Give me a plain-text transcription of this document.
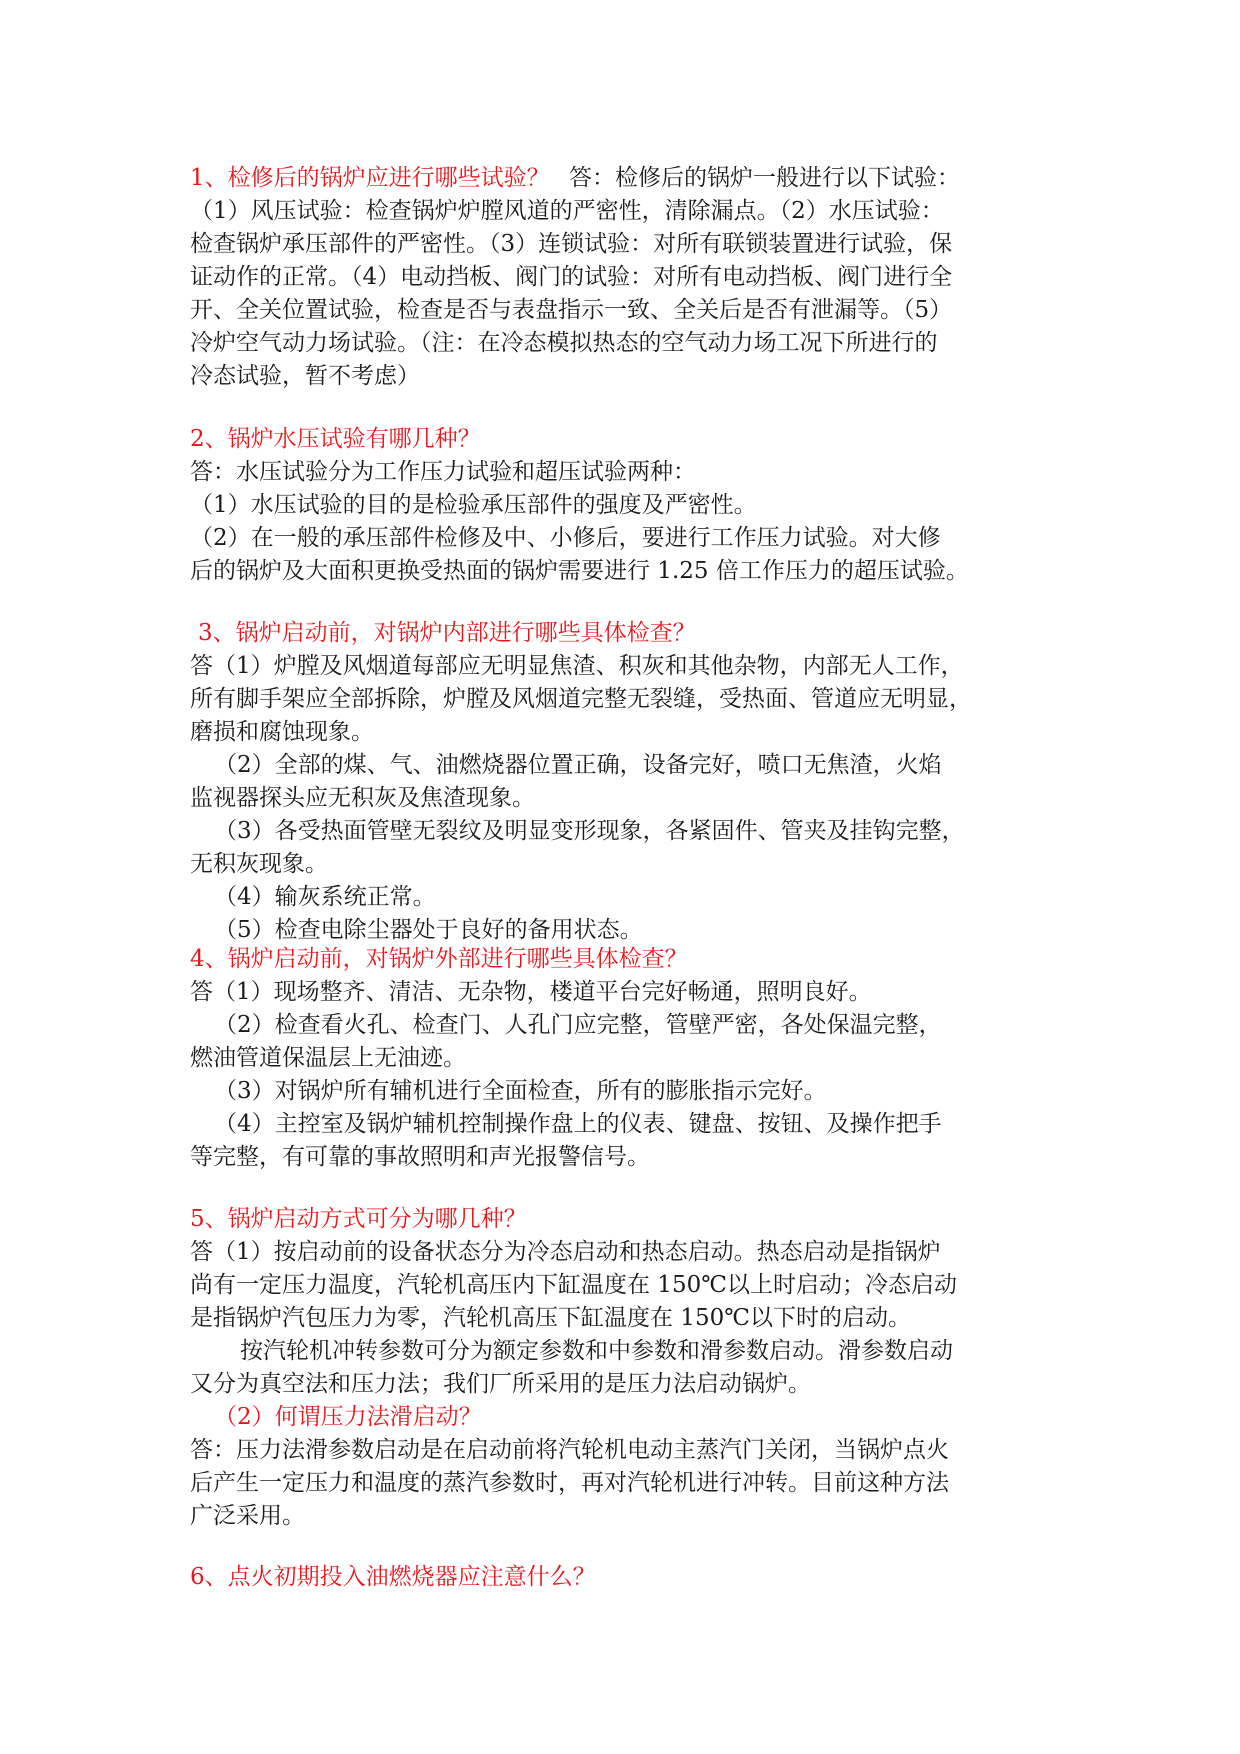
1、检修后的锅炉应进行哪些试验？ 答：检修后的锅炉一般进行以下试验：
（1）风压试验：检查锅炉炉膛风道的严密性，清除漏点。（2）水压试验：
检查锅炉承压部件的严密性。（3）连锁试验：对所有联锁装置进行试验，保
证动作的正常。（4）电动挡板、阀门的试验：对所有电动挡板、阀门进行全
开、全关位置试验，检查是否与表盘指示一致、全关后是否有泄漏等。（5）
冷炉空气动力场试验。（注：在冷态模拟热态的空气动力场工况下所进行的
冷态试验，暂不考虑）
2、锅炉水压试验有哪几种？
答：水压试验分为工作压力试验和超压试验两种：
（1）水压试验的目的是检验承压部件的强度及严密性。
（2）在一般的承压部件检修及中、小修后，要进行工作压力试验。对大修
后的锅炉及大面积更换受热面的锅炉需要进行 1.25 倍工作压力的超压试验。
3、锅炉启动前，对锅炉内部进行哪些具体检查？
答（1）炉膛及风烟道每部应无明显焦渣、积灰和其他杂物，内部无人工作，
所有脚手架应全部拆除，炉膛及风烟道完整无裂缝，受热面、管道应无明显，
磨损和腐蚀现象。
（2）全部的煤、气、油燃烧器位置正确，设备完好，喷口无焦渣，火焰
监视器探头应无积灰及焦渣现象。
（3）各受热面管壁无裂纹及明显变形现象，各紧固件、管夹及挂钩完整，
无积灰现象。
（4）输灰系统正常。
（5）检查电除尘器处于良好的备用状态。
4、锅炉启动前，对锅炉外部进行哪些具体检查？
答（1）现场整齐、清洁、无杂物，楼道平台完好畅通，照明良好。
（2）检查看火孔、检查门、人孔门应完整，管壁严密，各处保温完整，
燃油管道保温层上无油迹。
（3）对锅炉所有辅机进行全面检查，所有的膨胀指示完好。
（4）主控室及锅炉辅机控制操作盘上的仪表、键盘、按钮、及操作把手
等完整，有可靠的事故照明和声光报警信号。
5、锅炉启动方式可分为哪几种？
答（1）按启动前的设备状态分为冷态启动和热态启动。热态启动是指锅炉
尚有一定压力温度，汽轮机高压内下缸温度在 150℃以上时启动；冷态启动
是指锅炉汽包压力为零，汽轮机高压下缸温度在 150℃以下时的启动。
按汽轮机冲转参数可分为额定参数和中参数和滑参数启动。滑参数启动
又分为真空法和压力法；我们厂所采用的是压力法启动锅炉。
（2）何谓压力法滑启动？
答：压力法滑参数启动是在启动前将汽轮机电动主蒸汽门关闭，当锅炉点火
后产生一定压力和温度的蒸汽参数时，再对汽轮机进行冲转。目前这种方法
广泛采用。
6、点火初期投入油燃烧器应注意什么？
